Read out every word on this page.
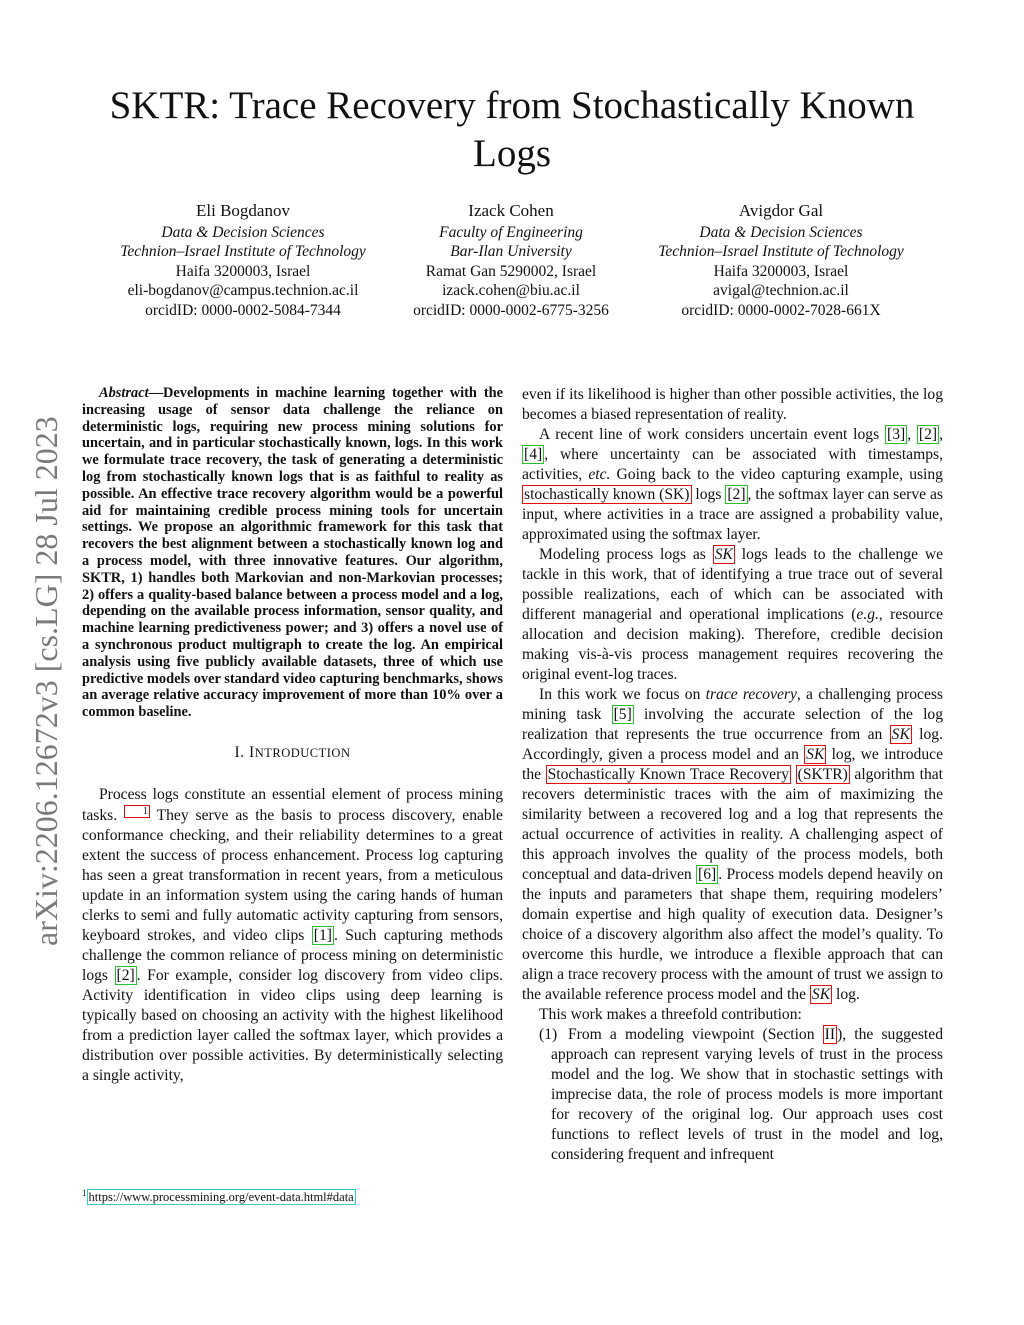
SKTR: Trace Recovery from Stochastically Known Logs
Eli Bogdanov
Data & Decision Sciences
Technion–Israel Institute of Technology
Haifa 3200003, Israel
eli-bogdanov@campus.technion.ac.il
orcidID: 0000-0002-5084-7344
Izack Cohen
Faculty of Engineering
Bar-Ilan University
Ramat Gan 5290002, Israel
izack.cohen@biu.ac.il
orcidID: 0000-0002-6775-3256
Avigdor Gal
Data & Decision Sciences
Technion–Israel Institute of Technology
Haifa 3200003, Israel
avigal@technion.ac.il
orcidID: 0000-0002-7028-661X
arXiv:2206.12672v3 [cs.LG] 28 Jul 2023

Abstract—Developments in machine learning together with the increasing usage of sensor data challenge the reliance on deterministic logs, requiring new process mining solutions for uncertain, and in particular stochastically known, logs. In this work we formulate trace recovery, the task of generating a deterministic log from stochastically known logs that is as faithful to reality as possible. An effective trace recovery algorithm would be a powerful aid for maintaining credible process mining tools for uncertain settings. We propose an algorithmic framework for this task that recovers the best alignment between a stochastically known log and a process model, with three innovative features. Our algorithm, SKTR, 1) handles both Markovian and non-Markovian processes; 2) offers a quality-based balance between a process model and a log, depending on the available process information, sensor quality, and machine learning predictiveness power; and 3) offers a novel use of a synchronous product multigraph to create the log. An empirical analysis using five publicly available datasets, three of which use predictive models over standard video capturing benchmarks, shows an average relative accuracy improvement of more than 10% over a common baseline.

I. INTRODUCTION

Process logs constitute an essential element of process mining tasks.	1 They serve as the basis to process discovery, enable conformance checking, and their reliability determines to a great extent the success of process enhancement. Process log capturing has seen a great transformation in recent years, from a meticulous update in an information system using the caring hands of human clerks to semi and fully automatic activity capturing from sensors, keyboard strokes, and video clips [1] . Such capturing methods challenge the common reliance of process mining on deterministic logs [2] . For example, consider log discovery from video clips. Activity identification in video clips using deep learning is typically based on choosing an activity with the highest likelihood from a prediction layer called the softmax layer, which provides a distribution over possible activities. By deterministically selecting a single activity,

$^1$ https://www.processmining.org/event-data.html#data

even if its likelihood is higher than other possible activities, the log becomes a biased representation of reality.

A recent line of work considers uncertain event logs [3] , [2] , [4] , where uncertainty can be associated with timestamps, activities, etc. Going back to the video capturing example, using stochastically known (SK) logs [2] , the softmax layer can serve as input, where activities in a trace are assigned a probability value, approximated using the softmax layer.

Modeling process logs as SK logs leads to the challenge we tackle in this work, that of identifying a true trace out of several possible realizations, each of which can be associated with different managerial and operational implications (e.g., resource allocation and decision making). Therefore, credible decision making vis-à-vis process management requires recovering the original event-log traces.

In this work we focus on trace recovery, a challenging process mining task [5] involving the accurate selection of the log realization that represents the true occurrence from an SK log. Accordingly, given a process model and an SK log, we introduce the Stochastically Known Trace Recovery (SKTR) algorithm that recovers deterministic traces with the aim of maximizing the similarity between a recovered log and a log that represents the actual occurrence of activities in reality. A challenging aspect of this approach involves the quality of the process models, both conceptual and data-driven [6] . Process models depend heavily on the inputs and parameters that shape them, requiring modelers’ domain expertise and high quality of execution data. Designer’s choice of a discovery algorithm also affect the model’s quality. To overcome this hurdle, we introduce a flexible approach that can align a trace recovery process with the amount of trust we assign to the available reference process model and the SK log.

This work makes a threefold contribution:

(1) From a modeling viewpoint (Section II ), the suggested approach can represent varying levels of trust in the process model and the log. We show that in stochastic settings with imprecise data, the role of process models is more important for recovery of the original log. Our approach uses cost functions to reflect levels of trust in the model and log, considering frequent and infrequent
